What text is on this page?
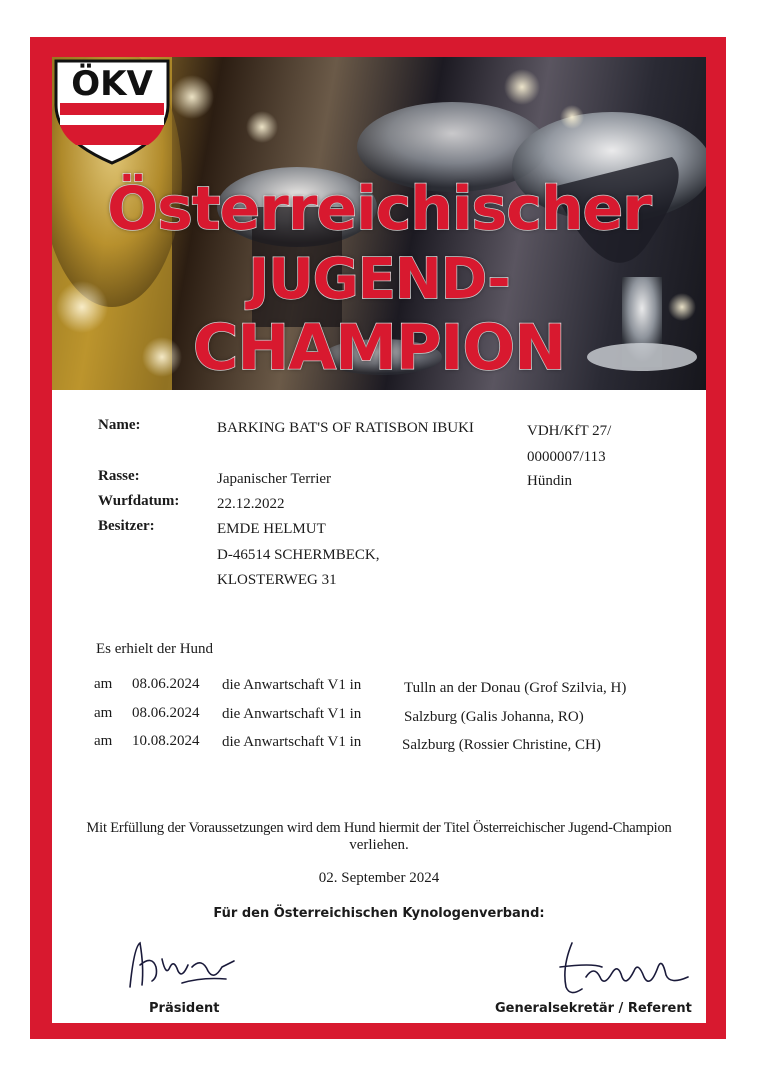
ÖKV
Österreichischer
JUGEND-
CHAMPION
Name:	BARKING BAT'S OF RATISBON IBUKI	VDH/KfT 27/
0000007/113
Hündin
Rasse:	Japanischer Terrier
Wurfdatum:	22.12.2022
Besitzer:	EMDE HELMUT
D-46514 SCHERMBECK,
KLOSTERWEG 31
Es erhielt der Hund
am 08.06.2024 die Anwartschaft V1 in	Tulln an der Donau (Grof Szilvia, H)
am 08.06.2024 die Anwartschaft V1 in	Salzburg (Galis Johanna, RO)
am 10.08.2024 die Anwartschaft V1 in	Salzburg (Rossier Christine, CH)
Mit Erfüllung der Voraussetzungen wird dem Hund hiermit der Titel Österreichischer Jugend-Champion
verliehen.
02. September 2024
Für den Österreichischen Kynologenverband:
Präsident	Generalsekretär / Referent
